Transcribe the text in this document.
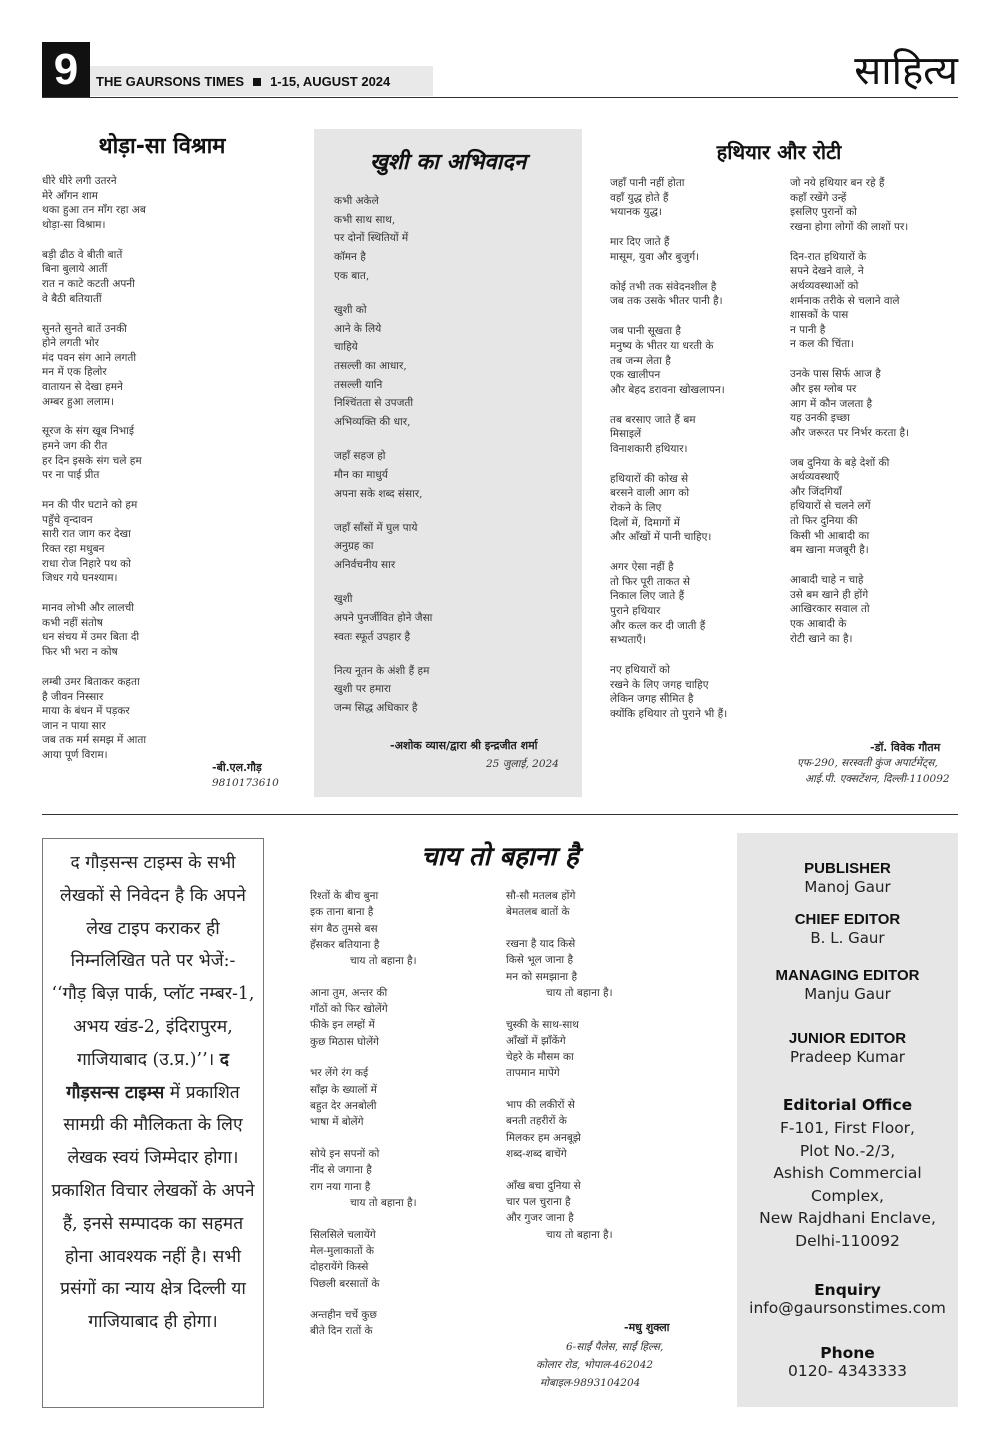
9	THE GAURSONS TIMES 1-15, AUGUST 2024	साहित्य
थोड़ा-सा विश्राम
धीरे धीरे लगी उतरने
मेरे आँगन शाम
थका हुआ तन माँग रहा अब
थोड़ा-सा विश्राम।
बड़ी ढीठ वे बीती बातें
बिना बुलाये आतीं
रात न काटे कटती अपनी
वे बैठी बतियातीं
सुनते सुनते बातें उनकी
होने लगती भोर
मंद पवन संग आने लगती
मन में एक हिलोर
वातायन से देखा हमने
अम्बर हुआ ललाम।
सूरज के संग खूब निभाई
हमने जग की रीत
हर दिन इसके संग चले हम
पर ना पाई प्रीत
मन की पीर घटाने को हम
पहुँचे वृन्दावन
सारी रात जाग कर देखा
रिक्त रहा मधुबन
राधा रोज निहारे पथ को
जिधर गये घनश्याम।
मानव लोभी और लालची
कभी नहीं संतोष
धन संचय में उमर बिता दी
फिर भी भरा न कोष
लम्बी उमर बिताकर कहता
है जीवन निस्सार
माया के बंधन में पड़कर
जान न पाया सार
जब तक मर्म समझ में आता
आया पूर्ण विराम।
-बी.एल.गौड़
9810173610
खुशी का अभिवादन
कभी अकेले
कभी साथ साथ,
पर दोनों स्थितियों में
कॉमन है
एक बात,
खुशी को
आने के लिये
चाहिये
तसल्ली का आधार,
तसल्ली यानि
निश्चिंतता से उपजती
अभिव्यक्ति की धार,
जहाँ सहज हो
मौन का माधुर्य
अपना सके शब्द संसार,
जहाँ साँसों में घुल पाये
अनुग्रह का
अनिर्वचनीय सार
खुशी
अपने पुनर्जीवित होने जैसा
स्वतः स्फूर्त उपहार है
नित्य नूतन के अंशी हैं हम
खुशी पर हमारा
जन्म सिद्ध अधिकार है
-अशोक व्यास/द्वारा श्री इन्द्रजीत शर्मा
25 जुलाई, 2024
हथियार और रोटी
जहाँ पानी नहीं होता
वहाँ युद्ध होते हैं
भयानक युद्ध।
मार दिए जाते हैं
मासूम, युवा और बुजुर्ग।
कोई तभी तक संवेदनशील है
जब तक उसके भीतर पानी है।
जब पानी सूखता है
मनुष्य के भीतर या धरती के
तब जन्म लेता है
एक खालीपन
और बेहद डरावना खोखलापन।
तब बरसाए जाते हैं बम
मिसाइलें
विनाशकारी हथियार।
हथियारों की कोख से
बरसने वाली आग को
रोकने के लिए
दिलों में, दिमागों में
और आँखों में पानी चाहिए।
अगर ऐसा नहीं है
तो फिर पूरी ताकत से
निकाल लिए जाते हैं
पुराने हथियार
और कत्ल कर दी जाती हैं
सभ्यताएँ।
नए हथियारों को
रखने के लिए जगह चाहिए
लेकिन जगह सीमित है
क्योंकि हथियार तो पुराने भी हैं।
जो नये हथियार बन रहे हैं
कहाँ रखेंगे उन्हें
इसलिए पुरानों को
रखना होगा लोगों की लाशों पर।
दिन-रात हथियारों के
सपने देखने वाले, ने
अर्थव्यवस्थाओं को
शर्मनाक तरीके से चलाने वाले
शासकों के पास
न पानी है
न कल की चिंता।
उनके पास सिर्फ आज है
और इस ग्लोब पर
आग में कौन जलता है
यह उनकी इच्छा
और जरूरत पर निर्भर करता है।
जब दुनिया के बड़े देशों की
अर्थव्यवस्थाएँ
और जिंदगियाँ
हथियारों से चलने लगें
तो फिर दुनिया की
किसी भी आबादी का
बम खाना मजबूरी है।
आबादी चाहे न चाहे
उसे बम खाने ही होंगे
आखिरकार सवाल तो
एक आबादी के
रोटी खाने का है।
-डॉ. विवेक गौतम
एफ-290, सरस्वती कुंज अपार्टमेंट्स,
आई.पी. एक्सटेंशन, दिल्ली-110092
द गौड़सन्स टाइम्स के सभी लेखकों से निवेदन है कि अपने लेख टाइप कराकर ही निम्नलिखित पते पर भेजें:- ‘‘गौड़ बिज़ पार्क, प्लॉट नम्बर-1, अभय खंड-2, इंदिरापुरम, गाजियाबाद (उ.प्र.)’’। द गौड़सन्स टाइम्स में प्रकाशित सामग्री की मौलिकता के लिए लेखक स्वयं जिम्मेदार होगा। प्रकाशित विचार लेखकों के अपने हैं, इनसे सम्पादक का सहमत होना आवश्यक नहीं है। सभी प्रसंगों का न्याय क्षेत्र दिल्ली या गाजियाबाद ही होगा।
चाय तो बहाना है
रिश्तों के बीच बुना
इक ताना बाना है
संग बैठ तुमसे बस
हँसकर बतियाना है
चाय तो बहाना है।
आना तुम, अन्तर की
गाँठों को फिर खोलेंगे
फीके इन लम्हों में
कुछ मिठास घोलेंगे
भर लेंगे रंग कई
साँझ के ख्यालों में
बहुत देर अनबोली
भाषा में बोलेंगे
सोये इन सपनों को
नींद से जगाना है
राग नया गाना है
चाय तो बहाना है।
सिलसिले चलायेंगे
मेल-मुलाकातों के
दोहरायेंगे किस्से
पिछली बरसातों के
अन्तहीन चर्चे कुछ
बीते दिन रातों के
सौ-सौ मतलब होंगे
बेमतलब बातों के
रखना है याद किसे
किसे भूल जाना है
मन को समझाना है
चाय तो बहाना है।
चुस्की के साथ-साथ
आँखों में झाँकेंगे
चेहरे के मौसम का
तापमान मापेंगे
भाप की लकीरों से
बनती तहरीरों के
मिलकर हम अनबूझे
शब्द-शब्द बाचेंगे
आँख बचा दुनिया से
चार पल चुराना है
और गुजर जाना है
चाय तो बहाना है।
-मधु शुक्ला
6-साईं पैलेस, साईं हिल्स,
कोलार रोड, भोपाल-462042
मोबाइल-9893104204
PUBLISHER
Manoj Gaur
CHIEF EDITOR
B. L. Gaur
MANAGING EDITOR
Manju Gaur
JUNIOR EDITOR
Pradeep Kumar
Editorial Office
F-101, First Floor,
Plot No.-2/3,
Ashish Commercial
Complex,
New Rajdhani Enclave,
Delhi-110092
Enquiry
info@gaursonstimes.com
Phone
0120- 4343333
